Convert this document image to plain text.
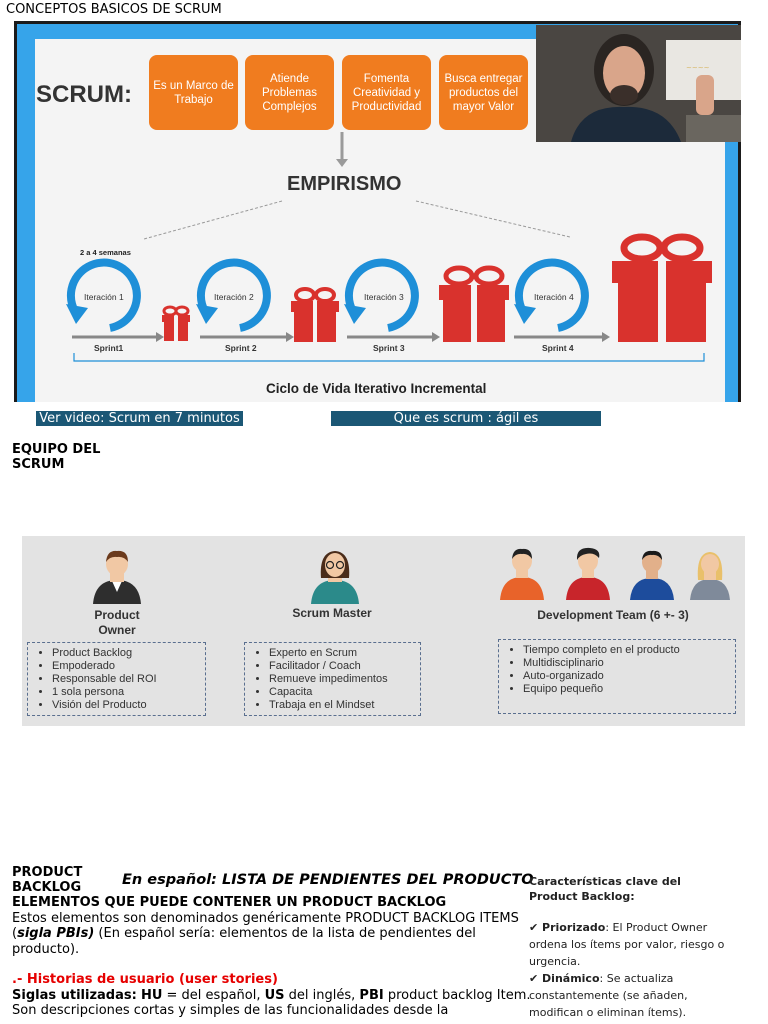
CONCEPTOS BASICOS DE SCRUM
SCRUM:	Es un Marco de Trabajo
Atiende Problemas Complejos
Fomenta Creatividad y Productividad
Busca entregar productos del mayor Valor
2 a 4 semanas
Iteración 1	Iteración 2	Iteración 3	Iteración 4
Sprint1	Sprint 2	Sprint 3	Sprint 4
EMPIRISMO
Ciclo de Vida Iterativo Incremental
~~~~
Ver video: Scrum en 7 minutos	Que es scrum : ágil es
EQUIPO DEL SCRUM
Product Owner
• Product Backlog
• Empoderado
• Responsable del ROI
• 1 sola persona
• Visión del Producto
Scrum Master
• Experto en Scrum
• Facilitador / Coach
• Remueve impedimentos
• Capacita
• Trabaja en el Mindset
Development Team (6 +- 3)
• Tiempo completo en el producto
• Multidisciplinario
• Auto-organizado
• Equipo pequeño
PRODUCT BACKLOG	En español: LISTA DE PENDIENTES DEL PRODUCTO
ELEMENTOS QUE PUEDE CONTENER UN PRODUCT BACKLOG
Estos elementos son denominados genéricamente PRODUCT BACKLOG ITEMS (sigla PBIs) (En español sería: elementos de la lista de pendientes del producto).
.- Historias de usuario (user stories)
Siglas utilizadas: HU = del español, US del inglés, PBI product backlog Item.
Son descripciones cortas y simples de las funcionalidades desde la
Características clave del Product Backlog:
✔ Priorizado: El Product Owner ordena los ítems por valor, riesgo o urgencia.
✔ Dinámico: Se actualiza constantemente (se añaden, modifican o eliminan ítems).
